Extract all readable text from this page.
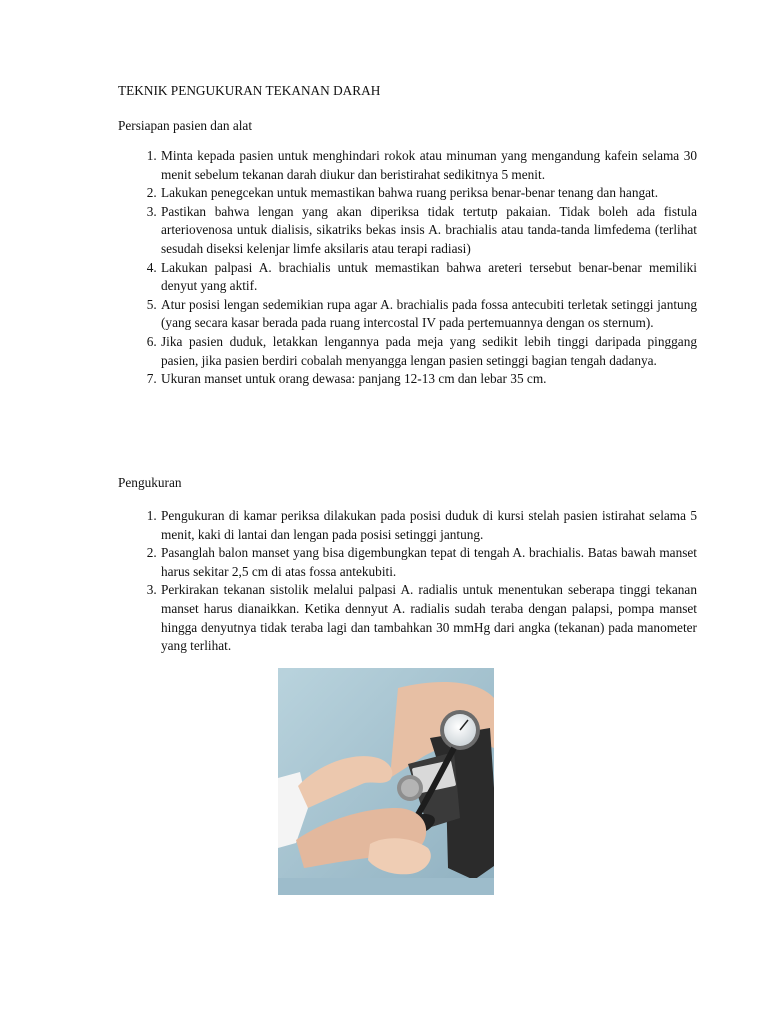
TEKNIK PENGUKURAN TEKANAN DARAH

Persiapan pasien dan alat

1. Minta kepada pasien untuk menghindari rokok atau minuman yang mengandung kafein selama 30 menit sebelum tekanan darah diukur dan beristirahat sedikitnya 5 menit.
2. Lakukan penegcekan untuk memastikan bahwa ruang periksa benar-benar tenang dan hangat.
3. Pastikan bahwa lengan yang akan diperiksa tidak tertutp pakaian. Tidak boleh ada fistula arteriovenosa untuk dialisis, sikatriks bekas insis A. brachialis atau tanda-tanda limfedema (terlihat sesudah diseksi kelenjar limfe aksilaris atau terapi radiasi)
4. Lakukan palpasi A. brachialis untuk memastikan bahwa areteri tersebut benar-benar memiliki denyut yang aktif.
5. Atur posisi lengan sedemikian rupa agar A. brachialis pada fossa antecubiti terletak setinggi jantung (yang secara kasar berada pada ruang intercostal IV pada pertemuannya dengan os sternum).
6. Jika pasien duduk, letakkan lengannya pada meja yang sedikit lebih tinggi daripada pinggang pasien, jika pasien berdiri cobalah menyangga lengan pasien setinggi bagian tengah dadanya.
7. Ukuran manset untuk orang dewasa: panjang 12-13 cm dan lebar 35 cm.

Pengukuran

1. Pengukuran di kamar periksa dilakukan pada posisi duduk di kursi stelah pasien istirahat selama 5 menit, kaki di lantai dan lengan pada posisi setinggi jantung.
2. Pasanglah balon manset yang bisa digembungkan tepat di tengah A. brachialis. Batas bawah manset harus sekitar 2,5 cm di atas fossa antekubiti.
3. Perkirakan tekanan sistolik melalui palpasi A. radialis untuk menentukan seberapa tinggi tekanan manset harus dianaikkan. Ketika dennyut A. radialis sudah teraba dengan palapsi, pompa manset hingga denyutnya tidak teraba lagi dan tambahkan 30 mmHg dari angka (tekanan) pada manometer yang terlihat.
